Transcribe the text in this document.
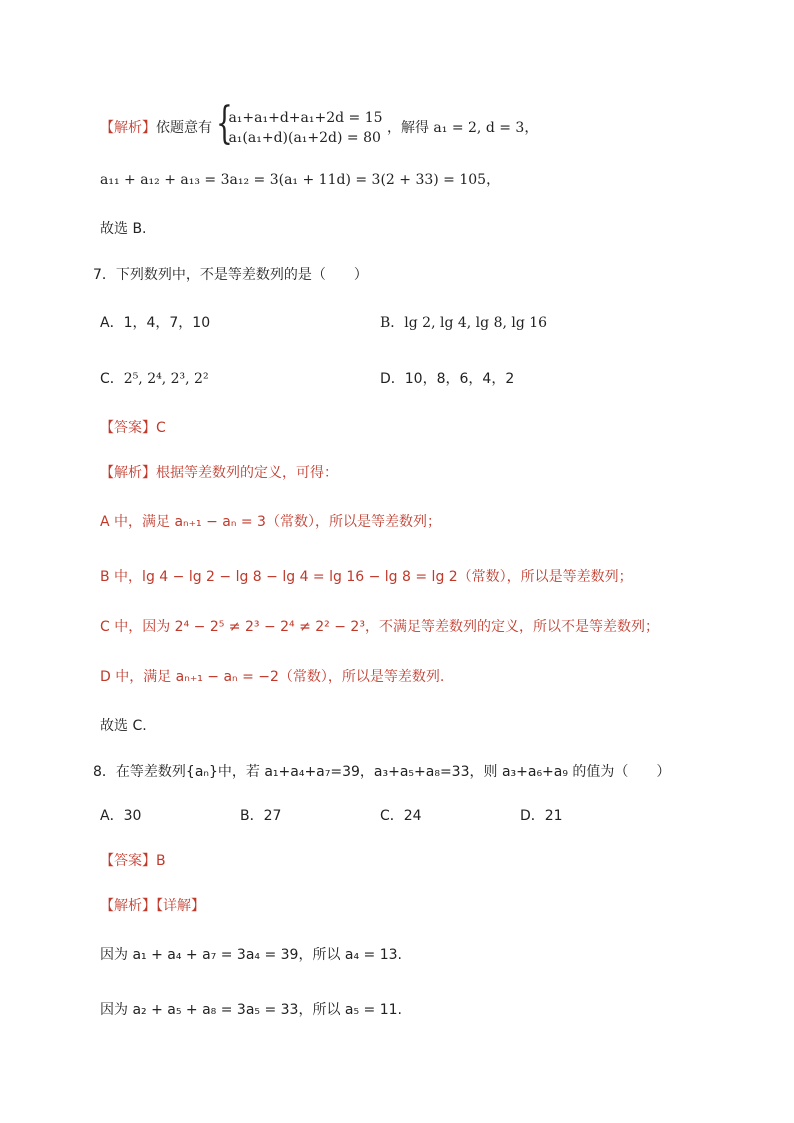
【解析】依题意有 {
a₁+a₁+d+a₁+2d = 15
a₁(a₁+d)(a₁+2d) = 80
，解得 a₁ = 2, d = 3，
a₁₁ + a₁₂ + a₁₃ = 3a₁₂ = 3(a₁ + 11d) = 3(2 + 33) = 105，
故选 B.
7．下列数列中，不是等差数列的是（　　）
A．1，4，7，10	B．lg 2, lg 4, lg 8, lg 16
C．2⁵, 2⁴, 2³, 2²	D．10，8，6，4，2
【答案】C
【解析】根据等差数列的定义，可得：
A 中，满足 aₙ₊₁ − aₙ = 3（常数），所以是等差数列；
B 中，lg 4 − lg 2 − lg 8 − lg 4 = lg 16 − lg 8 = lg 2（常数），所以是等差数列；
C 中，因为 2⁴ − 2⁵ ≠ 2³ − 2⁴ ≠ 2² − 2³，不满足等差数列的定义，所以不是等差数列；
D 中，满足 aₙ₊₁ − aₙ = −2（常数），所以是等差数列.
故选 C.
8．在等差数列{aₙ}中，若 a₁+a₄+a₇=39，a₃+a₅+a₈=33，则 a₃+a₆+a₉ 的值为（　　）
A．30	B．27	C．24	D．21
【答案】B
【解析】【详解】
因为 a₁ + a₄ + a₇ = 3a₄ = 39，所以 a₄ = 13.
因为 a₂ + a₅ + a₈ = 3a₅ = 33，所以 a₅ = 11.
